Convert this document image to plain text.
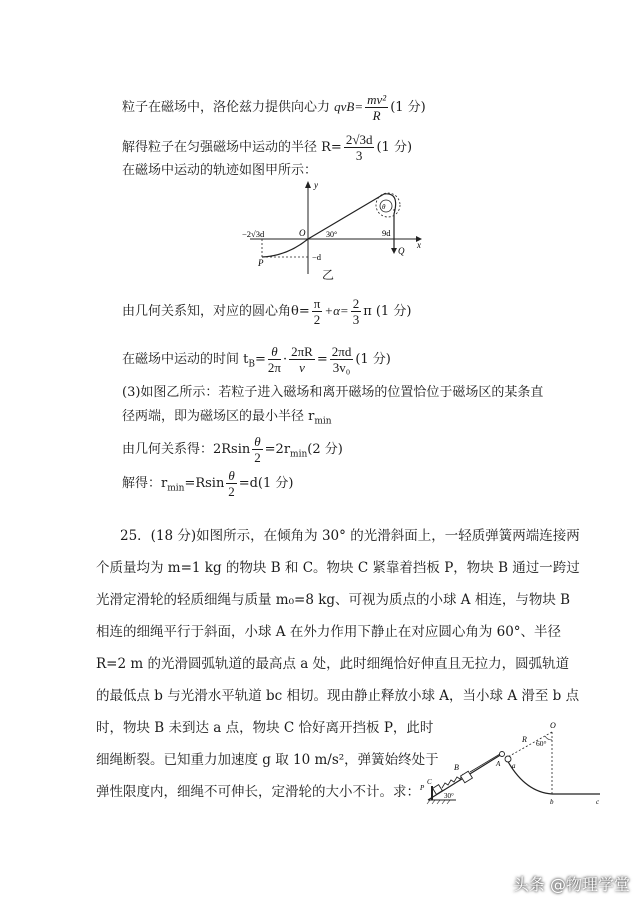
粒子在磁场中，洛伦兹力提供向心力 $qvB= \frac{\text{mv²}}{R} (1$ 分)
解得粒子在匀强磁场中运动的半径 $R= \frac{2√3d}{3} (1$ 分)
在磁场中运动的轨迹如图甲所示：
y
x
O
θ
−2√3d
P
−d
30°	9d
Q
乙
由几何关系知，对应的圆心角$\theta= \frac{\pi}{2} +\alpha= \frac{2}{3}$ π (1 分)
在磁场中运动的时间 $t_B= \frac{\theta}{2\pi} \cdot \frac{2\pi R}{v} = \frac{2\pi d}{\text{3v₀}} (1$ 分)
(3)如图乙所示：若粒子进入磁场和离开磁场的位置恰位于磁场区的某条直
径两端，即为磁场区的最小半径 $r_{min}$
由几何关系得：$2Rsin \frac{\theta}{2} =2r_{min}(2$ 分)
解得：$r_{min}=Rsin \frac{\theta}{2} =d(1$ 分)
25．(18 分)如图所示，在倾角为 30° 的光滑斜面上，一轻质弹簧两端连接两
个质量均为 m=1 kg 的物块 B 和 C。物块 C 紧靠着挡板 P，物块 B 通过一跨过
光滑定滑轮的轻质细绳与质量 m₀=8 kg、可视为质点的小球 A 相连，与物块 B
相连的细绳平行于斜面，小球 A 在外力作用下静止在对应圆心角为 60°、半径
R=2 m 的光滑圆弧轨道的最高点 a 处，此时细绳恰好伸直且无拉力，圆弧轨道
的最低点 b 与光滑水平轨道 bc 相切。现由静止释放小球 A，当小球 A 滑至 b 点
时，物块 B 未到达 a 点，物块 C 恰好离开挡板 P，此时
细绳断裂。已知重力加速度 g 取 10 m/s²，弹簧始终处于
弹性限度内，细绳不可伸长，定滑轮的大小不计。求：
O
60°
R
A a
B
C
P
30°
b	c
头条 @物理学堂
